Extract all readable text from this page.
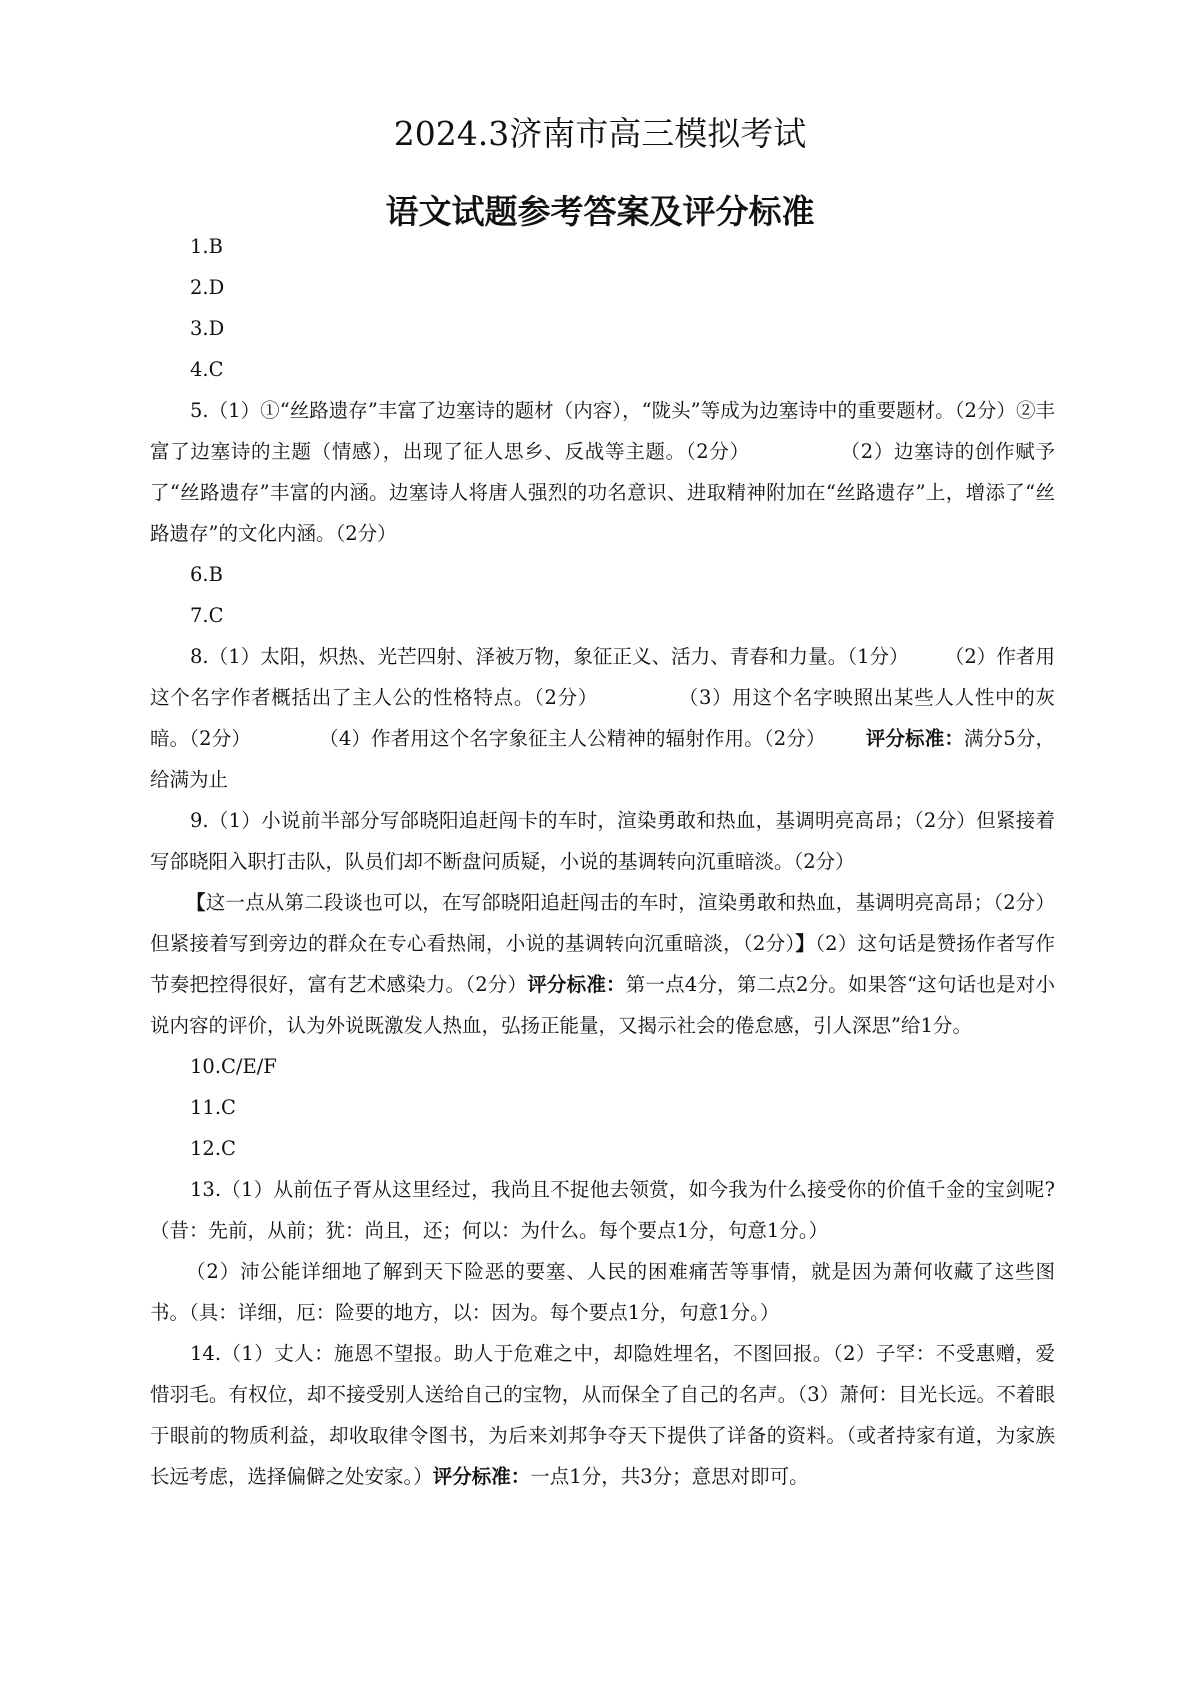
2024.3济南市高三模拟考试
语文试题参考答案及评分标准

1.B

2.D

3.D

4.C

5.（1）①“丝路遗存”丰富了边塞诗的题材（内容），“陇头”等成为边塞诗中的重要题材。（2分）②丰富了边塞诗的主题（情感），出现了征人思乡、反战等主题。（2分）	（2）边塞诗的创作赋予了“丝路遗存”丰富的内涵。边塞诗人将唐人强烈的功名意识、进取精神附加在“丝路遗存”上，增添了“丝路遗存”的文化内涵。（2分）

6.B

7.C

8.（1）太阳，炽热、光芒四射、泽被万物，象征正义、活力、青春和力量。（1分） （2）作者用这个名字作者概括出了主人公的性格特点。（2分）	（3）用这个名字映照出某些人人性中的灰暗。（2分）	（4）作者用这个名字象征主人公精神的辐射作用。（2分） 评分标准：满分5分，给满为止

9.（1）小说前半部分写郃晓阳追赶闯卡的车时，渲染勇敢和热血，基调明亮高昂；（2分）但紧接着写郃晓阳入职打击队，队员们却不断盘问质疑，小说的基调转向沉重暗淡。（2分）

【这一点从第二段谈也可以，在写郃晓阳追赶闯击的车时，渲染勇敢和热血，基调明亮高昂；（2分）但紧接着写到旁边的群众在专心看热闹，小说的基调转向沉重暗淡，（2分）】（2）这句话是赞扬作者写作节奏把控得很好，富有艺术感染力。（2分）评分标准：第一点4分，第二点2分。如果答“这句话也是对小说内容的评价，认为外说既激发人热血，弘扬正能量，又揭示社会的倦怠感，引人深思”给1分。

10.C/E/F

11.C

12.C

13.（1）从前伍子胥从这里经过，我尚且不捉他去领赏，如今我为什么接受你的价值千金的宝剑呢?（昔：先前，从前；犹：尚且，还；何以：为什么。每个要点1分，句意1分。）

（2）沛公能详细地了解到天下险恶的要塞、人民的困难痛苦等事情，就是因为萧何收藏了这些图书。（具：详细，厄：险要的地方，以：因为。每个要点1分，句意1分。）

14.（1）丈人：施恩不望报。助人于危难之中，却隐姓埋名，不图回报。（2）子罕：不受惠赠，爱惜羽毛。有权位，却不接受别人送给自己的宝物，从而保全了自己的名声。（3）萧何：目光长远。不着眼于眼前的物质利益，却收取律令图书，为后来刘邦争夺天下提供了详备的资料。（或者持家有道，为家族长远考虑，选择偏僻之处安家。）评分标准：一点1分，共3分；意思对即可。
